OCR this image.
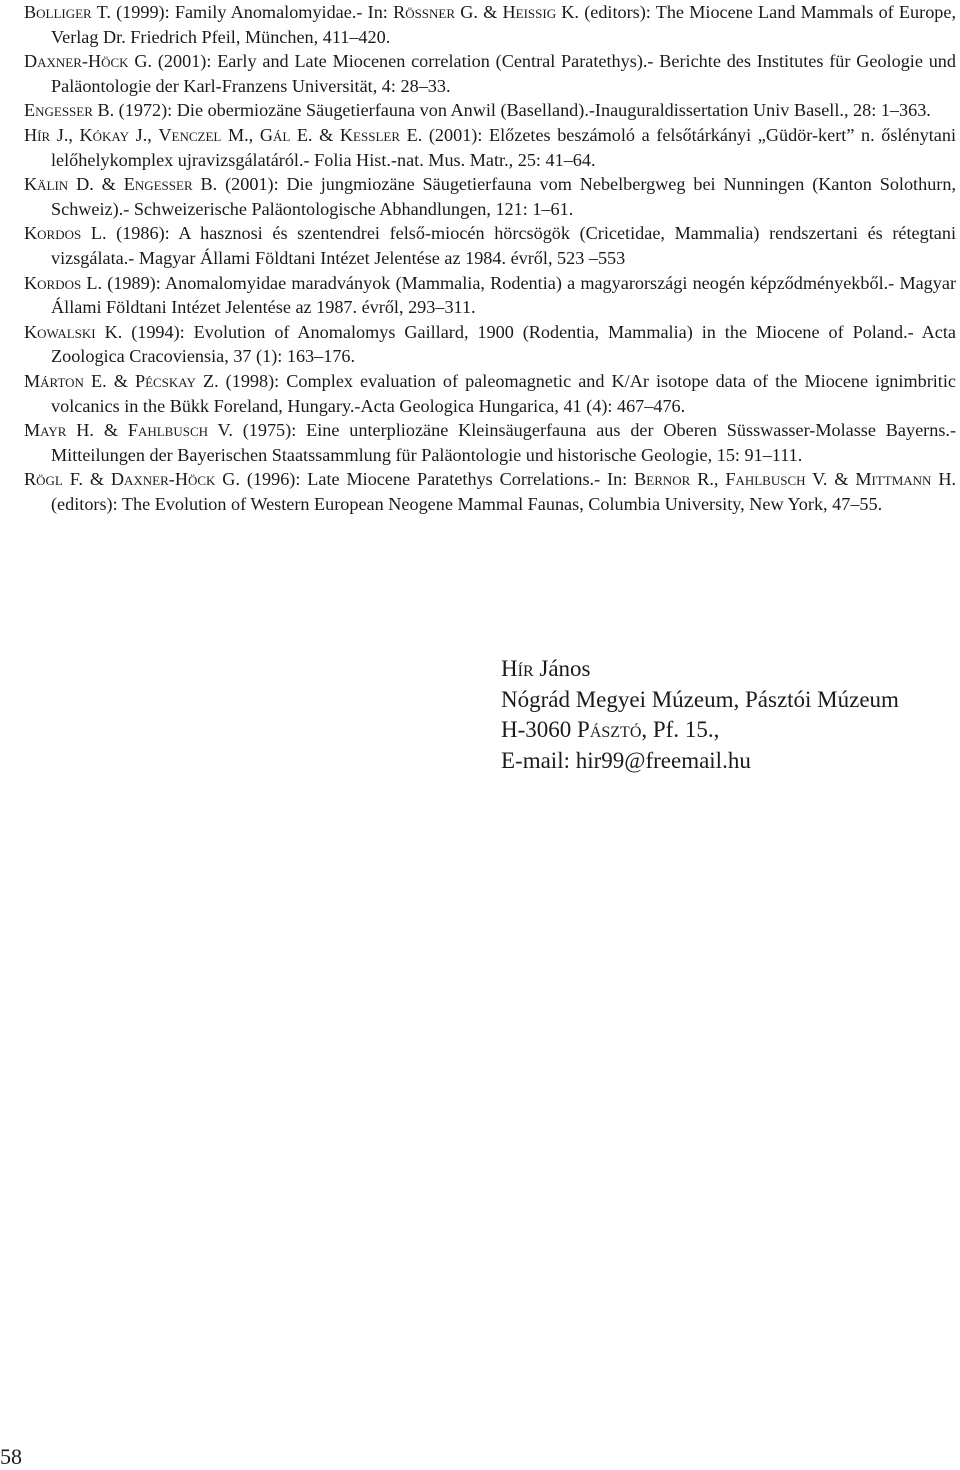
Bolliger T. (1999): Family Anomalomyidae.- In: Rössner G. & Heissig K. (editors): The Miocene Land Mammals of Europe, Verlag Dr. Friedrich Pfeil, München, 411–420.
Daxner-Höck G. (2001): Early and Late Miocenen correlation (Central Paratethys).- Berichte des Institutes für Geologie und Paläontologie der Karl-Franzens Universität, 4: 28–33.
Engesser B. (1972): Die obermiozäne Säugetierfauna von Anwil (Baselland).-Inauguraldissertation Univ Basell., 28: 1–363.
Hír J., Kókay J., Venczel M., Gál E. & Kessler E. (2001): Előzetes beszámoló a felsőtárkányi „Güdör-kert” n. őslénytani lelőhelykomplex ujravizsgálatáról.- Folia Hist.-nat. Mus. Matr., 25: 41–64.
Kälin D. & Engesser B. (2001): Die jungmiozäne Säugetierfauna vom Nebelbergweg bei Nunningen (Kanton Solothurn, Schweiz).- Schweizerische Paläontologische Abhandlungen, 121: 1–61.
Kordos L. (1986): A hasznosi és szentendrei felső-miocén hörcsögök (Cricetidae, Mammalia) rendszertani és rétegtani vizsgálata.- Magyar Állami Földtani Intézet Jelentése az 1984. évről, 523 –553
Kordos L. (1989): Anomalomyidae maradványok (Mammalia, Rodentia) a magyarországi neogén képződményekből.- Magyar Állami Földtani Intézet Jelentése az 1987. évről, 293–311.
Kowalski K. (1994): Evolution of Anomalomys Gaillard, 1900 (Rodentia, Mammalia) in the Miocene of Poland.- Acta Zoologica Cracoviensia, 37 (1): 163–176.
Márton E. & Pécskay Z. (1998): Complex evaluation of paleomagnetic and K/Ar isotope data of the Miocene ignimbritic volcanics in the Bükk Foreland, Hungary.-Acta Geologica Hungarica, 41 (4): 467–476.
Mayr H. & Fahlbusch V. (1975): Eine unterpliozäne Kleinsäugerfauna aus der Oberen Süsswasser-Molasse Bayerns.- Mitteilungen der Bayerischen Staatssammlung für Paläontologie und historische Geologie, 15: 91–111.
Rögl F. & Daxner-Höck G. (1996): Late Miocene Paratethys Correlations.- In: Bernor R., Fahlbusch V. & Mittmann H. (editors): The Evolution of Western European Neogene Mammal Faunas, Columbia University, New York, 47–55.
Hír János
Nógrád Megyei Múzeum, Pásztói Múzeum
H-3060 Pásztó, Pf. 15.,
E-mail: hir99@freemail.hu
58
